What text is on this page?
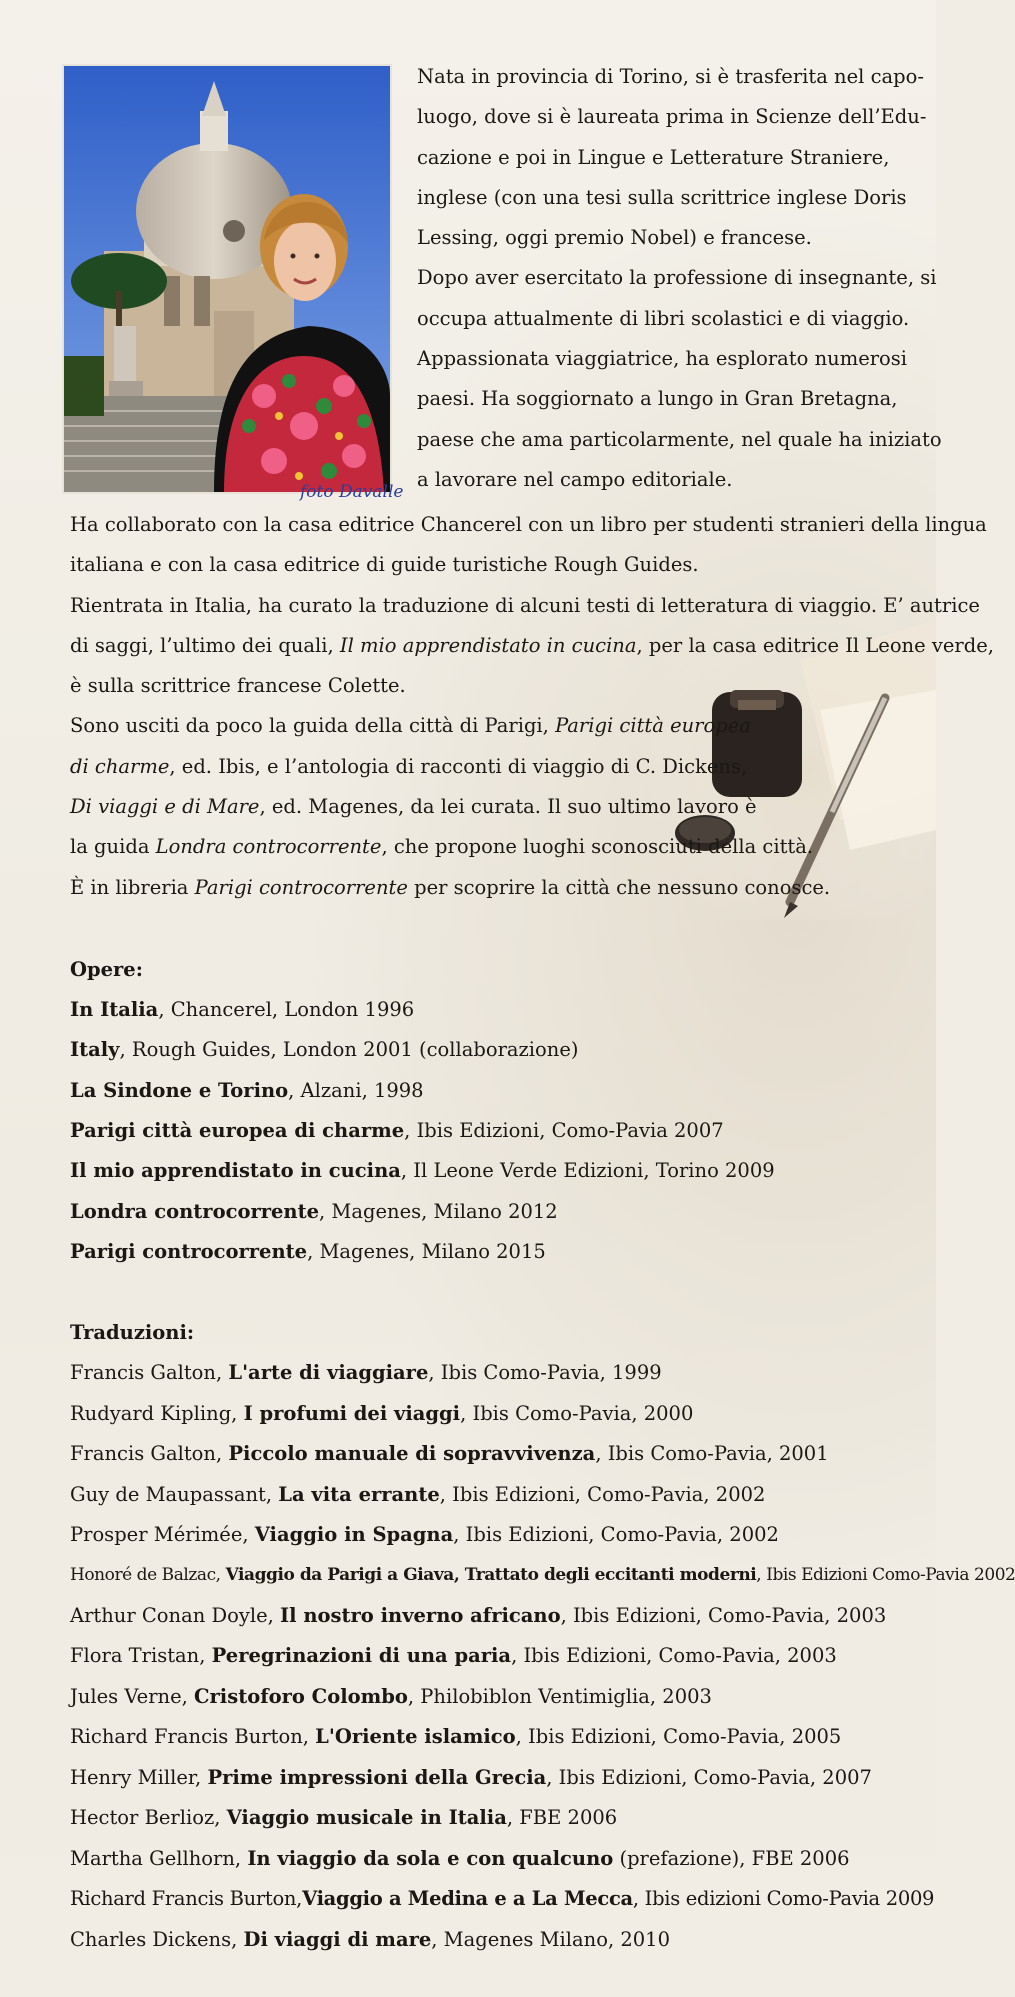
foto Davalle
Nata in provincia di Torino, si è trasferita nel capo-
luogo, dove si è laureata prima in Scienze dell’Edu-
cazione e poi in Lingue e Letterature Straniere,
inglese (con una tesi sulla scrittrice inglese Doris
Lessing, oggi premio Nobel) e francese.
Dopo aver esercitato la professione di insegnante, si
occupa attualmente di libri scolastici e di viaggio.
Appassionata viaggiatrice, ha esplorato numerosi
paesi. Ha soggiornato a lungo in Gran Bretagna,
paese che ama particolarmente, nel quale ha iniziato
a lavorare nel campo editoriale.
Ha collaborato con la casa editrice Chancerel con un libro per studenti stranieri della lingua
italiana e con la casa editrice di guide turistiche Rough Guides.
Rientrata in Italia, ha curato la traduzione di alcuni testi di letteratura di viaggio. E’ autrice
di saggi, l’ultimo dei quali, Il mio apprendistato in cucina, per la casa editrice Il Leone verde,
è sulla scrittrice francese Colette.
Sono usciti da poco la guida della città di Parigi, Parigi città europea
di charme, ed. Ibis, e l’antologia di racconti di viaggio di C. Dickens,
Di viaggi e di Mare, ed. Magenes, da lei curata. Il suo ultimo lavoro è
la guida Londra controcorrente, che propone luoghi sconosciuti della città.
È in libreria Parigi controcorrente per scoprire la città che nessuno conosce.
Opere:
In Italia, Chancerel, London 1996
Italy, Rough Guides, London 2001 (collaborazione)
La Sindone e Torino, Alzani, 1998
Parigi città europea di charme, Ibis Edizioni, Como-Pavia 2007
Il mio apprendistato in cucina, Il Leone Verde Edizioni, Torino 2009
Londra controcorrente, Magenes, Milano 2012
Parigi controcorrente, Magenes, Milano 2015
Traduzioni:
Francis Galton, L'arte di viaggiare, Ibis Como-Pavia, 1999
Rudyard Kipling, I profumi dei viaggi, Ibis Como-Pavia, 2000
Francis Galton, Piccolo manuale di sopravvivenza, Ibis Como-Pavia, 2001
Guy de Maupassant, La vita errante, Ibis Edizioni, Como-Pavia, 2002
Prosper Mérimée, Viaggio in Spagna, Ibis Edizioni, Como-Pavia, 2002
Honoré de Balzac, Viaggio da Parigi a Giava, Trattato degli eccitanti moderni, Ibis Edizioni Como-Pavia 2002
Arthur Conan Doyle, Il nostro inverno africano, Ibis Edizioni, Como-Pavia, 2003
Flora Tristan, Peregrinazioni di una paria, Ibis Edizioni, Como-Pavia, 2003
Jules Verne, Cristoforo Colombo, Philobiblon Ventimiglia, 2003
Richard Francis Burton, L'Oriente islamico, Ibis Edizioni, Como-Pavia, 2005
Henry Miller, Prime impressioni della Grecia, Ibis Edizioni, Como-Pavia, 2007
Hector Berlioz, Viaggio musicale in Italia, FBE 2006
Martha Gellhorn, In viaggio da sola e con qualcuno (prefazione), FBE 2006
Richard Francis Burton,Viaggio a Medina e a La Mecca, Ibis edizioni Como-Pavia 2009
Charles Dickens, Di viaggi di mare, Magenes Milano, 2010
